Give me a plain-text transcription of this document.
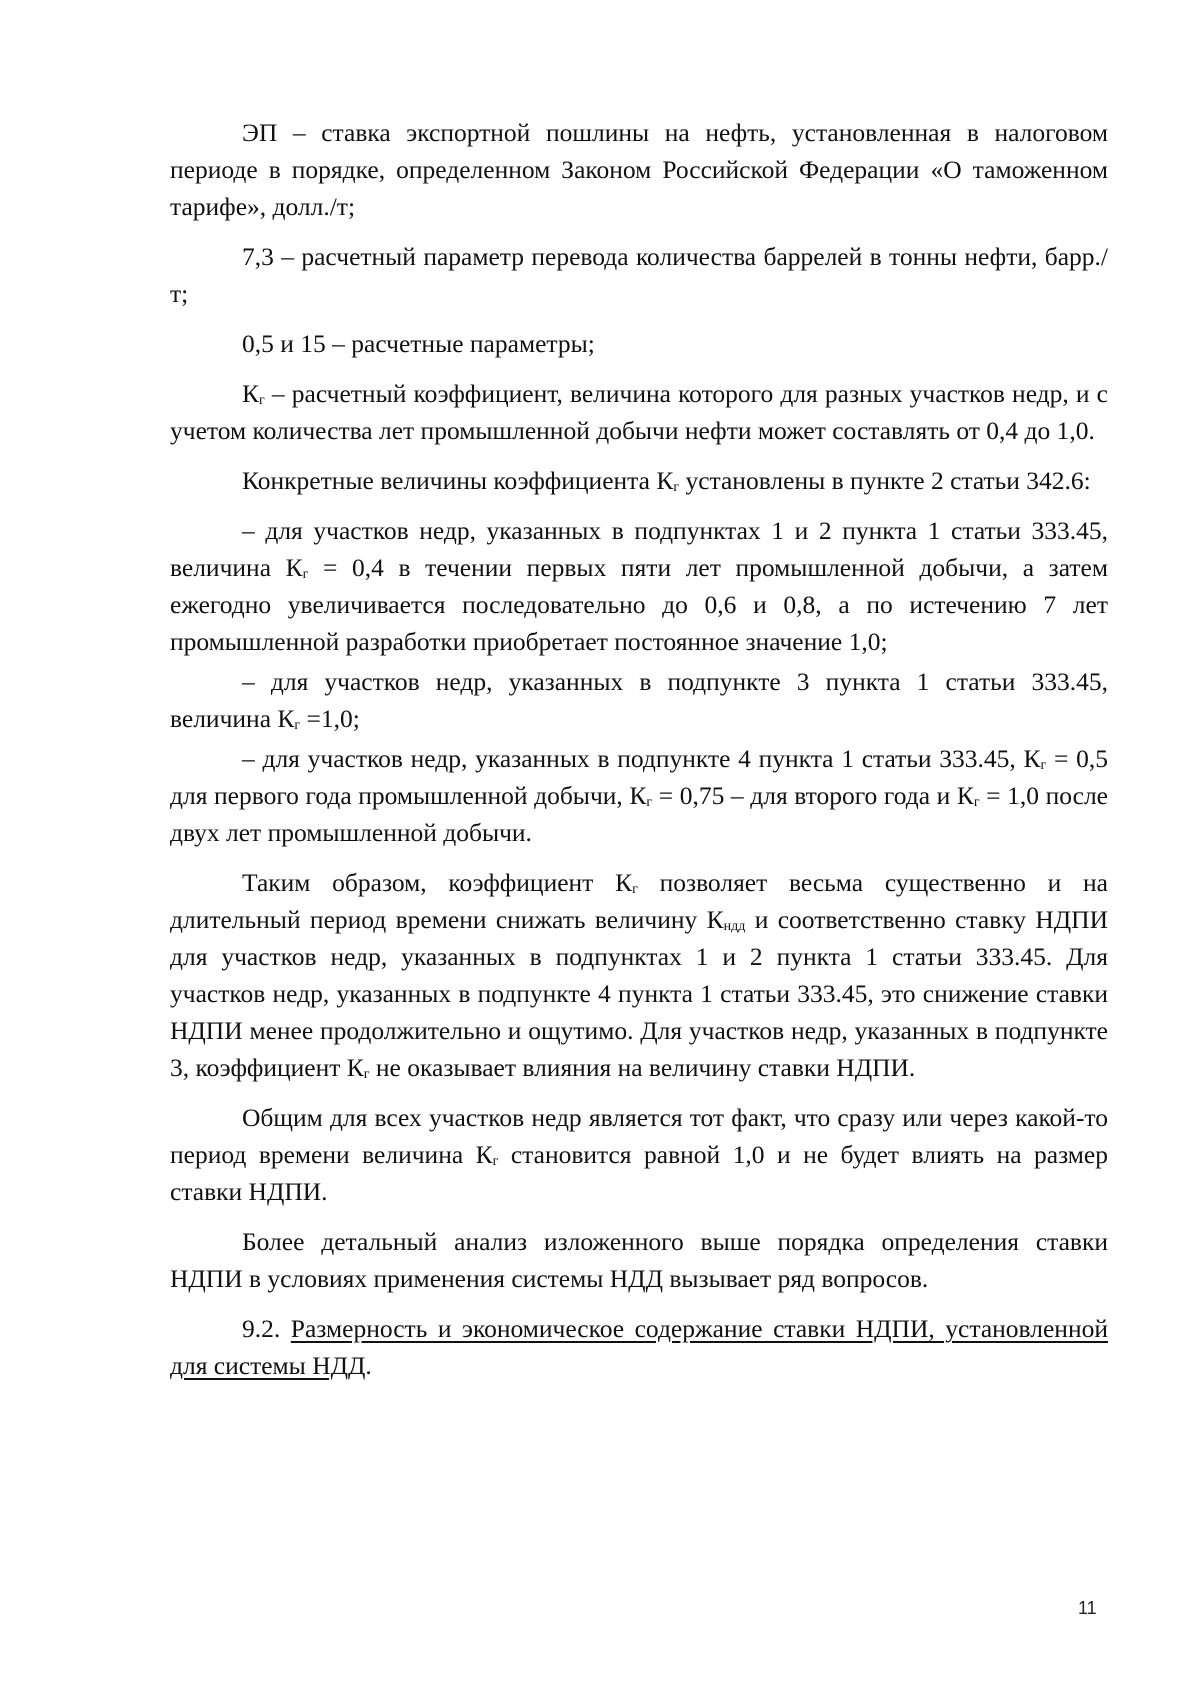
ЭП – ставка экспортной пошлины на нефть, установленная в налоговом периоде в порядке, определенном Законом Российской Федерации «О таможенном тарифе», долл./т;

7,3 – расчетный параметр перевода количества баррелей в тонны нефти, барр./т;

0,5 и 15 – расчетные параметры;

$К_г$ – расчетный коэффициент, величина которого для разных участков недр, и с учетом количества лет промышленной добычи нефти может составлять от 0,4 до 1,0.

Конкретные величины коэффициента $К_г$ установлены в пункте 2 статьи 342.6:

– для участков недр, указанных в подпунктах 1 и 2 пункта 1 статьи 333.45, величина $К_г = 0,4$ в течении первых пяти лет промышленной добычи, а затем ежегодно увеличивается последовательно до 0,6 и 0,8, а по истечению 7 лет промышленной разработки приобретает постоянное значение 1,0;

– для участков недр, указанных в подпункте 3 пункта 1 статьи 333.45, величина $К_г =1,0$;

– для участков недр, указанных в подпункте 4 пункта 1 статьи 333.45, $К_г = 0,5$ для первого года промышленной добычи, $К_г = 0,75$ – для второго года и $К_г = 1,0$ после двух лет промышленной добычи.

Таким образом, коэффициент $К_г$ позволяет весьма существенно и на длительный период времени снижать величину $К_{ндд}$ и соответственно ставку НДПИ для участков недр, указанных в подпунктах 1 и 2 пункта 1 статьи 333.45. Для участков недр, указанных в подпункте 4 пункта 1 статьи 333.45, это снижение ставки НДПИ менее продолжительно и ощутимо. Для участков недр, указанных в подпункте 3, коэффициент $К_г$ не оказывает влияния на величину ставки НДПИ.

Общим для всех участков недр является тот факт, что сразу или через какой-то период времени величина $К_г$ становится равной 1,0 и не будет влиять на размер ставки НДПИ.

Более детальный анализ изложенного выше порядка определения ставки НДПИ в условиях применения системы НДД вызывает ряд вопросов.

9.2. Размерность и экономическое содержание ставки НДПИ, установленной для системы НДД.

11
